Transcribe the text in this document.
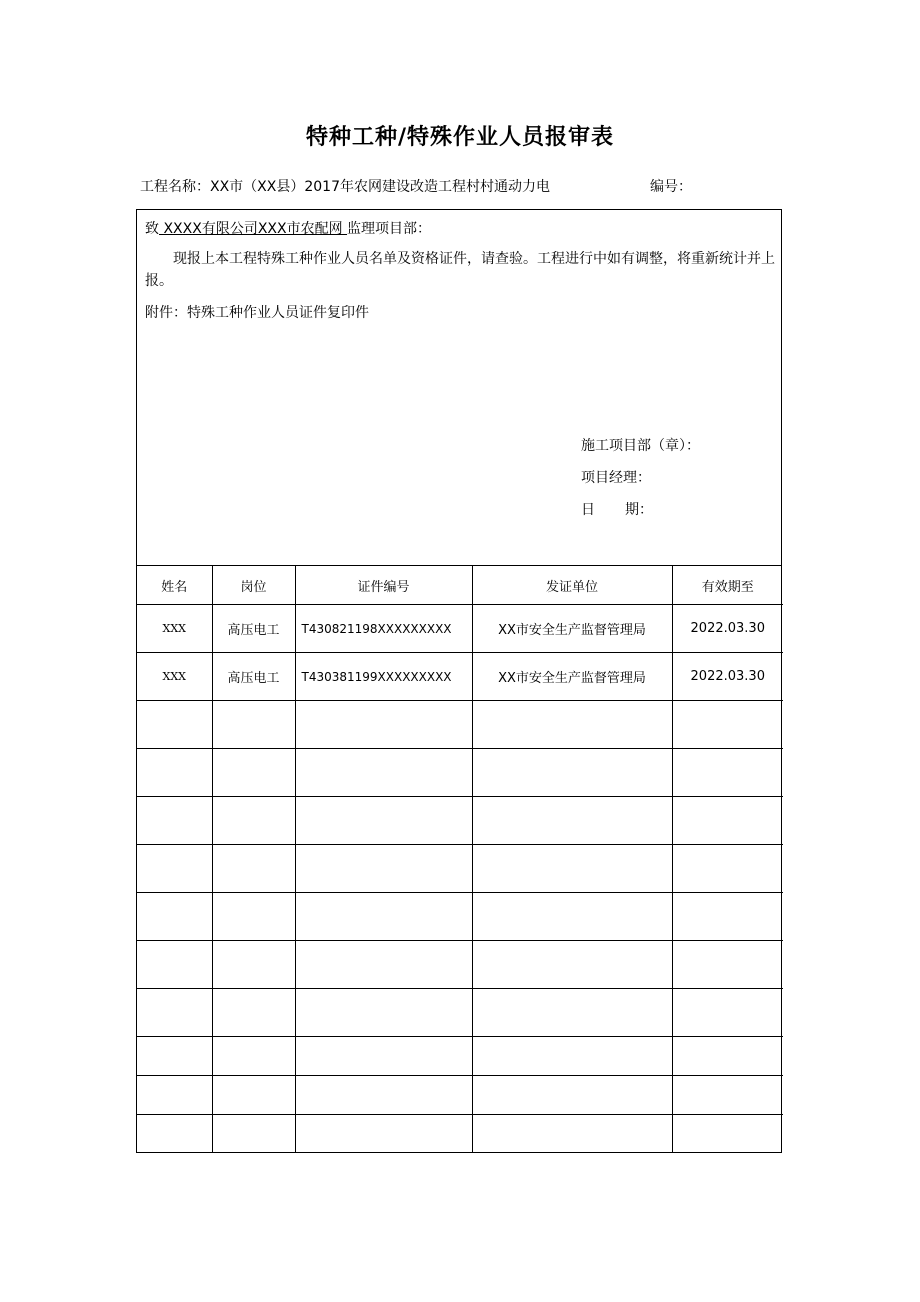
特种工种/特殊作业人员报审表
工程名称：XX市（XX县）2017年农网建设改造工程村村通动力电	编号：
致 XXXX有限公司XXX市农配网 监理项目部：
现报上本工程特殊工种作业人员名单及资格证件，请查验。工程进行中如有调整，将重新统计并上报。
附件：特殊工种作业人员证件复印件
施工项目部（章）：
项目经理：
日 期：
姓名	岗位	证件编号	发证单位	有效期至
XXX	高压电工	T430821198XXXXXXXXX	XX市安全生产监督管理局	2022.03.30
XXX	高压电工	T430381199XXXXXXXXX	XX市安全生产监督管理局	2022.03.30
